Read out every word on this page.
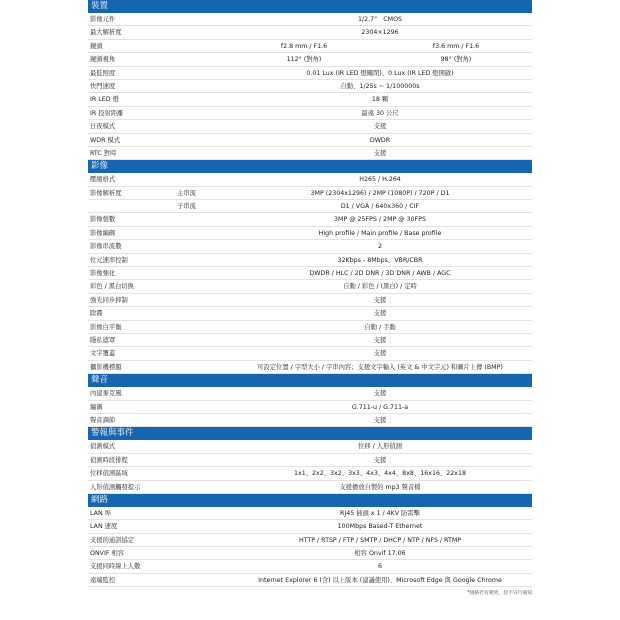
裝置
影像元件	1/2.7"　CMOS
最大解析度	2304×1296
鏡頭	f2.8 mm / F1.6	f3.6 mm / F1.6
鏡頭視角	112° (對角)	98° (對角)
最低照度	0.01 Lux (IR LED 燈關閉)、0 Lux (IR LED 燈開啟)
快門速度	自動、1/25s ~ 1/100000s
IR LED 燈	18 顆
IR 投射距離	最遠 30 公尺
日夜模式	支援
WDR 模式	DWDR
RTC 對時	支援
影像
壓縮格式	H265 / H.264
影像解析度	主串流	3MP (2304x1296) / 2MP (1080P) / 720P / D1
子串流	D1 / VGA / 640x360 / CIF
影像張數	3MP @ 25FPS / 2MP @ 30FPS
影像編碼	High profile / Main profile / Base profile
影像串流數	2
位元速率控制	32Kbps - 8Mbps、VBR/CBR
影像強化	DWDR / HLC / 2D DNR / 3D DNR / AWB / AGC
彩色 / 黑白切換	自動 / 彩色 / (黑白) / 定時
強光同步抑制	支援
除霧	支援
影像白平衡	自動 / 手動
隱私遮罩	支援
文字覆蓋	支援
攝影機標題	可設定位置 / 字型大小 / 字串內容；支援文字輸入 (英文 & 中文字元) 和圖片上傳 (BMP)
聲音
內建麥克風	支援
編碼	G.711-u / G.711-a
聲音調節	支援
警報與事件
偵測模式	位移 / 人形偵測
偵測時段排程	支援
位移偵測區域	1x1、2x2、3x2、3x3、4x3、4x4、8x8、16x16、22x18
人形偵測觸發提示	支援播放自製的 mp3 聲音檔
網路
LAN 埠	RJ45 插頭 x 1 / 4KV 防雷擊
LAN 速度	100Mbps Based-T Ethernet
支援的通訊協定	HTTP / RTSP / FTP / SMTP / DHCP / NTP / NFS / RTMP
ONVIF 相容	相容 Onvif 17.06
支援同時線上人數	6
遠端監控	Internet Explorer 6 (含) 以上版本 (建議使用)、Microsoft Edge 與 Google Chrome
*規格若有變更，恕不另行通知
